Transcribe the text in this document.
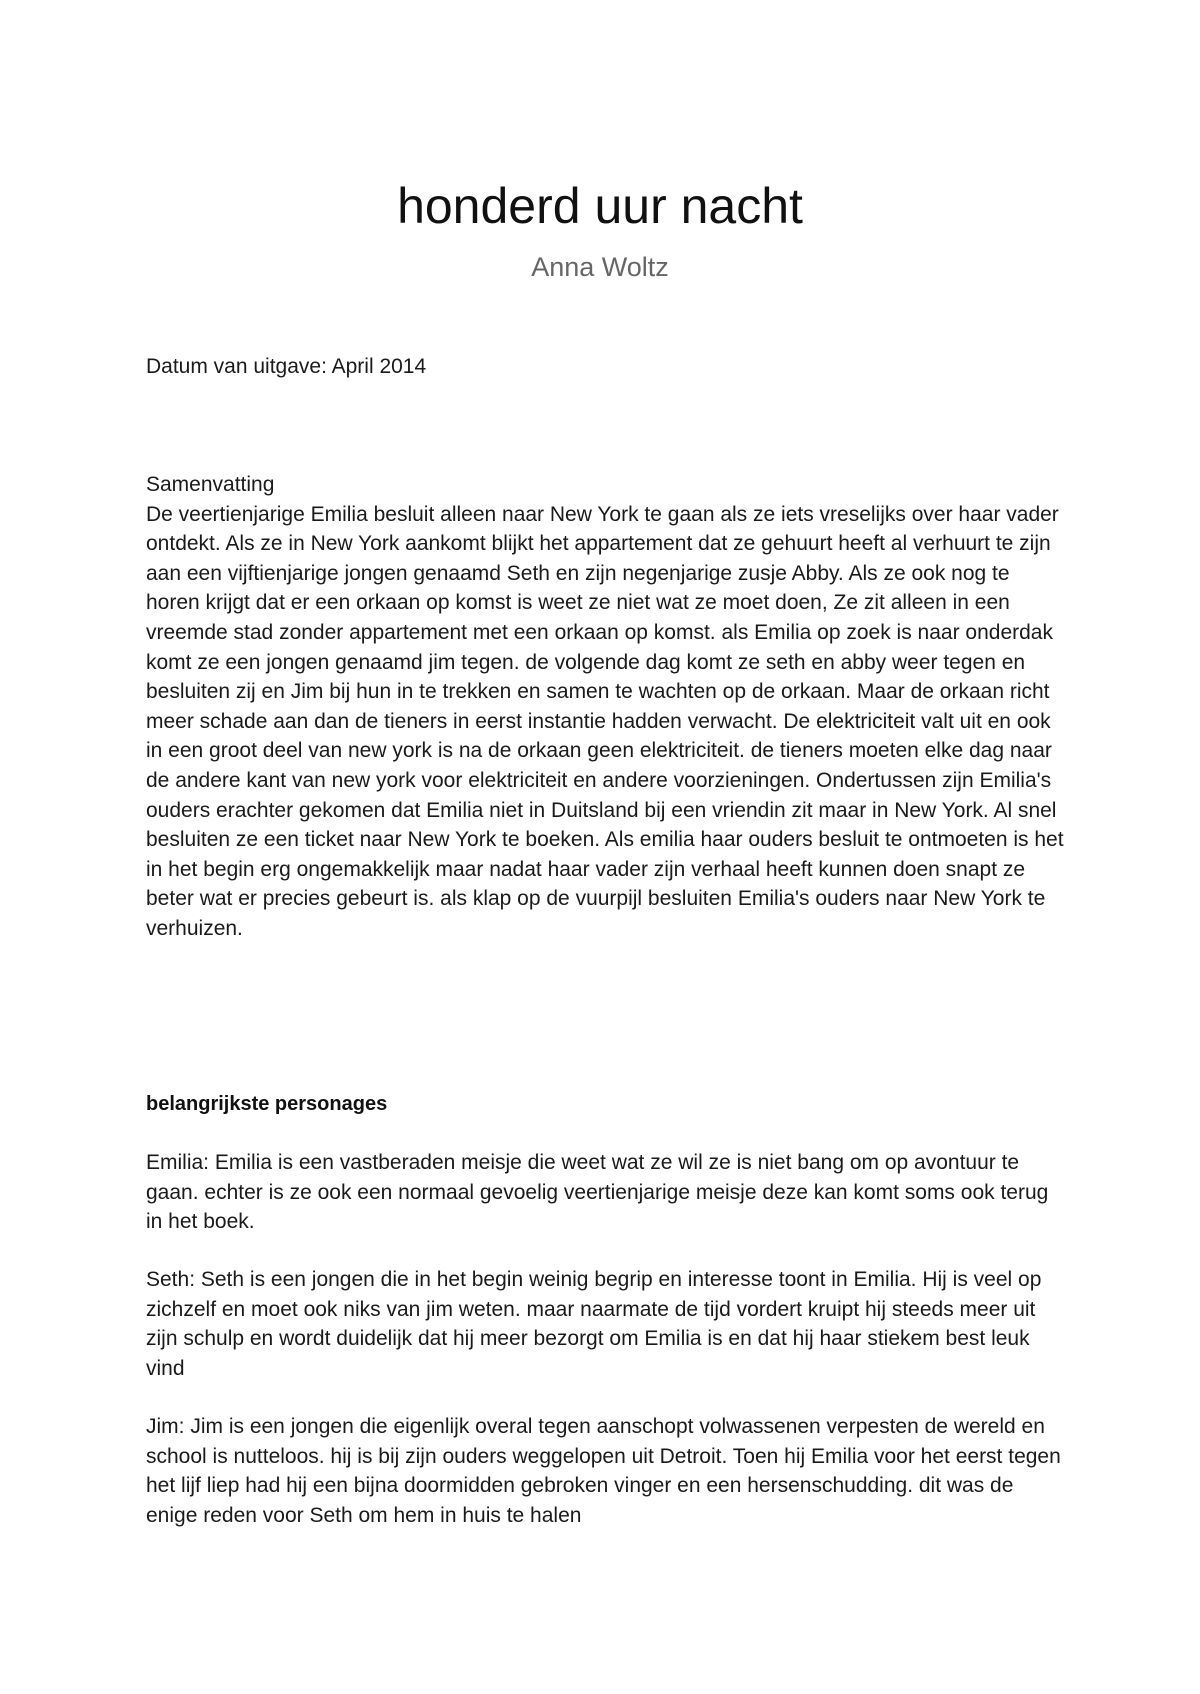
honderd uur nacht
Anna Woltz

Datum van uitgave: April 2014

Samenvatting
De veertienjarige Emilia besluit alleen naar New York te gaan als ze iets vreselijks over haar vader ontdekt. Als ze in New York aankomt blijkt het appartement dat ze gehuurt heeft al verhuurt te zijn aan een vijftienjarige jongen genaamd Seth en zijn negenjarige zusje Abby. Als ze ook nog te horen krijgt dat er een orkaan op komst is weet ze niet wat ze moet doen, Ze zit alleen in een vreemde stad zonder appartement met een orkaan op komst. als Emilia op zoek is naar onderdak komt ze een jongen genaamd jim tegen. de volgende dag komt ze seth en abby weer tegen en besluiten zij en Jim bij hun in te trekken en samen te wachten op de orkaan. Maar de orkaan richt meer schade aan dan de tieners in eerst instantie hadden verwacht. De elektriciteit valt uit en ook in een groot deel van new york is na de orkaan geen elektriciteit. de tieners moeten elke dag naar de andere kant van new york voor elektriciteit en andere voorzieningen. Ondertussen zijn Emilia's ouders erachter gekomen dat Emilia niet in Duitsland bij een vriendin zit maar in New York. Al snel besluiten ze een ticket naar New York te boeken. Als emilia haar ouders besluit te ontmoeten is het in het begin erg ongemakkelijk maar nadat haar vader zijn verhaal heeft kunnen doen snapt ze beter wat er precies gebeurt is. als klap op de vuurpijl besluiten Emilia's ouders naar New York te verhuizen.
belangrijkste personages

Emilia: Emilia is een vastberaden meisje die weet wat ze wil ze is niet bang om op avontuur te gaan. echter is ze ook een normaal gevoelig veertienjarige meisje deze kan komt soms ook terug in het boek.

Seth: Seth is een jongen die in het begin weinig begrip en interesse toont in Emilia. Hij is veel op zichzelf en moet ook niks van jim weten. maar naarmate de tijd vordert kruipt hij steeds meer uit zijn schulp en wordt duidelijk dat hij meer bezorgt om Emilia is en dat hij haar stiekem best leuk vind

Jim: Jim is een jongen die eigenlijk overal tegen aanschopt volwassenen verpesten de wereld en school is nutteloos. hij is bij zijn ouders weggelopen uit Detroit. Toen hij Emilia voor het eerst tegen het lijf liep had hij een bijna doormidden gebroken vinger en een hersenschudding. dit was de enige reden voor Seth om hem in huis te halen
